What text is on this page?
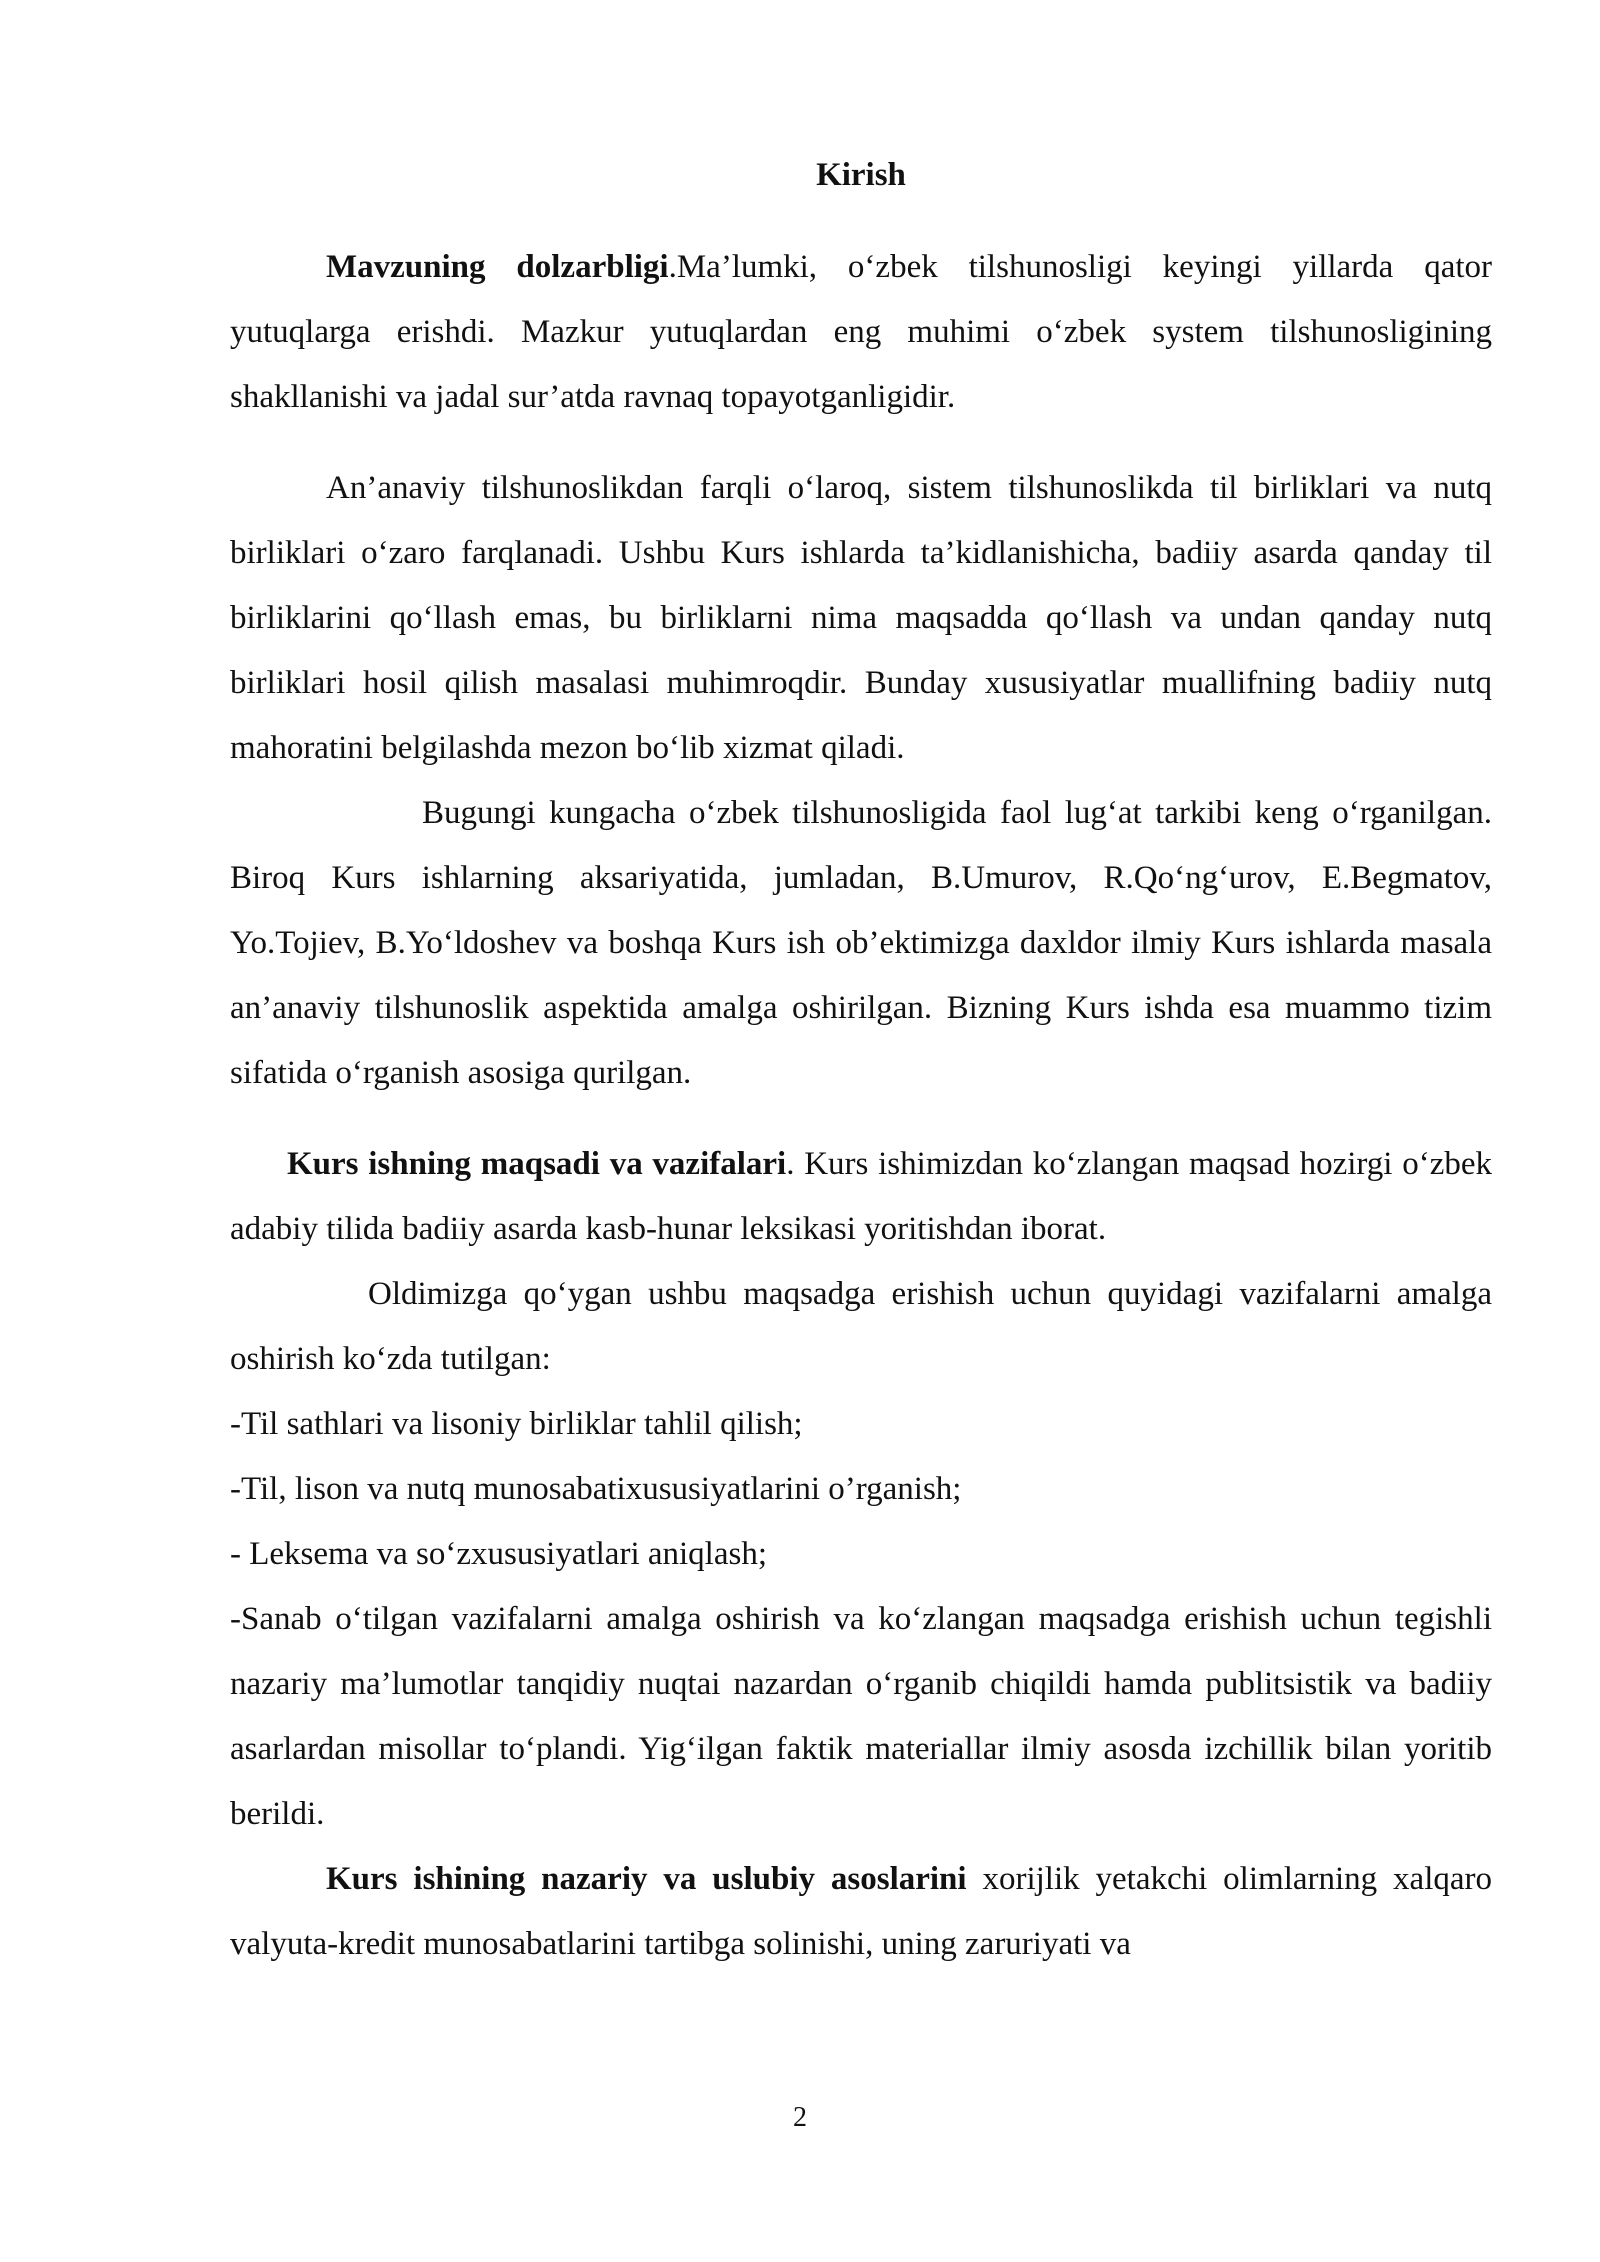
Kirish

Mavzuning dolzarbligi.Ma’lumki, o‘zbek tilshunosligi keyingi yillarda qator yutuqlarga erishdi. Mazkur yutuqlardan eng muhimi o‘zbek system tilshunosligining shakllanishi va jadal sur’atda ravnaq topayotganligidir.

An’anaviy tilshunoslikdan farqli o‘laroq, sistem tilshunoslikda til birliklari va nutq birliklari o‘zaro farqlanadi. Ushbu Kurs ishlarda ta’kidlanishicha, badiiy asarda qanday til birliklarini qo‘llash emas, bu birliklarni nima maqsadda qo‘llash va undan qanday nutq birliklari hosil qilish masalasi muhimroqdir. Bunday xususiyatlar muallifning badiiy nutq mahoratini belgilashda mezon bo‘lib xizmat qiladi.

Bugungi kungacha o‘zbek tilshunosligida faol lug‘at tarkibi keng o‘rganilgan. Biroq Kurs ishlarning aksariyatida, jumladan, B.Umurov, R.Qo‘ng‘urov, E.Begmatov, Yo.Tojiev, B.Yo‘ldoshev va boshqa Kurs ish ob’ektimizga daxldor ilmiy Kurs ishlarda masala an’anaviy tilshunoslik aspektida amalga oshirilgan. Bizning Kurs ishda esa muammo tizim sifatida o‘rganish asosiga qurilgan.

Kurs ishning maqsadi va vazifalari. Kurs ishimizdan ko‘zlangan maqsad hozirgi o‘zbek adabiy tilida badiiy asarda kasb-hunar leksikasi yoritishdan iborat.

Oldimizga qo‘ygan ushbu maqsadga erishish uchun quyidagi vazifalarni amalga oshirish ko‘zda tutilgan:

-Til sathlari va lisoniy birliklar tahlil qilish;

-Til, lison va nutq munosabatixususiyatlarini o’rganish;

- Leksema va so‘zxususiyatlari aniqlash;

-Sanab o‘tilgan vazifalarni amalga oshirish va ko‘zlangan maqsadga erishish uchun tegishli nazariy ma’lumotlar tanqidiy nuqtai nazardan o‘rganib chiqildi hamda publitsistik va badiiy asarlardan misollar to‘plandi. Yig‘ilgan faktik materiallar ilmiy asosda izchillik bilan yoritib berildi.

Kurs ishining nazariy va uslubiy asoslarini xorijlik yetakchi olimlarning xalqaro valyuta-kredit munosabatlarini tartibga solinishi, uning zaruriyati va

2
